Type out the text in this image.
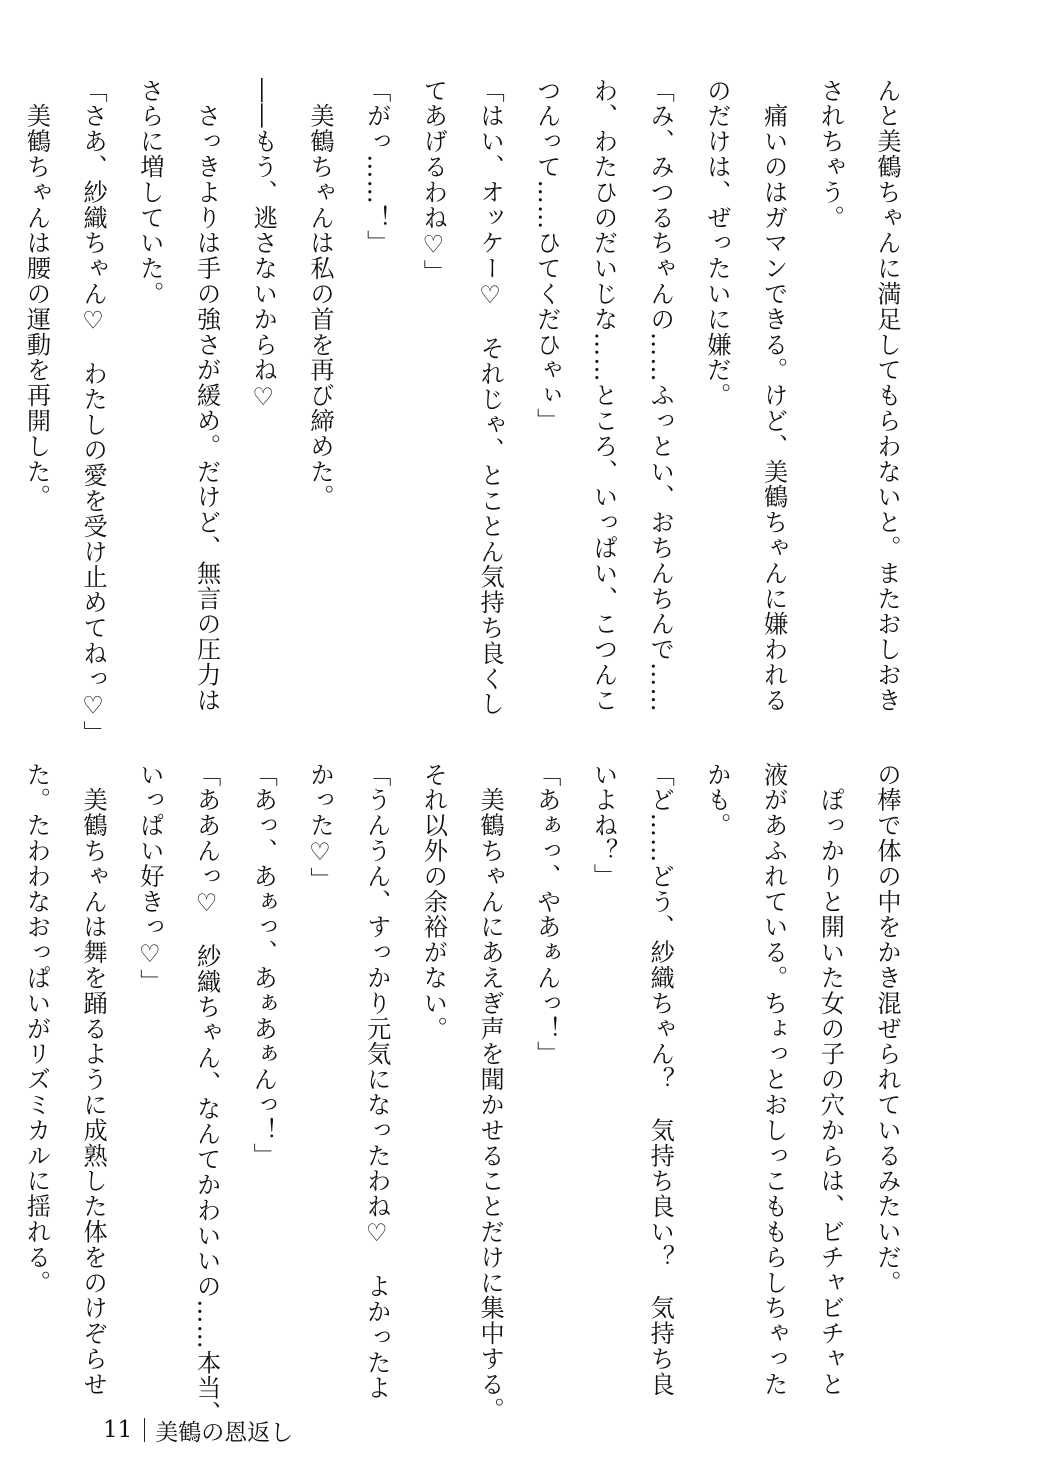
んと美鶴ちゃんに満足してもらわないと。またおしおき
されちゃう。
　痛いのはガマンできる。けど、美鶴ちゃんに嫌われる
のだけは、ぜったいに嫌だ。
「み、みつるちゃんの……ふっとい、おちんちんで……
わ、わたひのだいじな……ところ、いっぱい、こつんこ
つんって……ひてくだひゃぃ」
「はい、オッケー♡　それじゃ、とことん気持ち良くし
てあげるわね♡」
「がっ……！」
　美鶴ちゃんは私の首を再び締めた。
――もう、逃さないからね♡
　さっきよりは手の強さが緩め。だけど、無言の圧力は
さらに増していた。
「さあ、紗織ちゃん♡　わたしの愛を受け止めてねっ♡」
　美鶴ちゃんは腰の運動を再開した。
の棒で体の中をかき混ぜられているみたいだ。
　ぽっかりと開いた女の子の穴からは、ビチャビチャと
液があふれている。ちょっとおしっこももらしちゃった
かも。
「ど……どう、紗織ちゃん？　気持ち良い？　気持ち良
いよね？」
「あぁっ、やあぁんっ！」
　美鶴ちゃんにあえぎ声を聞かせることだけに集中する。
それ以外の余裕がない。
「うんうん、すっかり元気になったわね♡　よかったよ
かった♡」
「あっ、あぁっ、あぁあぁんっ！」
「ああんっ♡　紗織ちゃん、なんてかわいいの……本当、
いっぱい好きっ♡」
　美鶴ちゃんは舞を踊るように成熟した体をのけぞらせ
た。たわわなおっぱいがリズミカルに揺れる。
11 美鶴の恩返し
